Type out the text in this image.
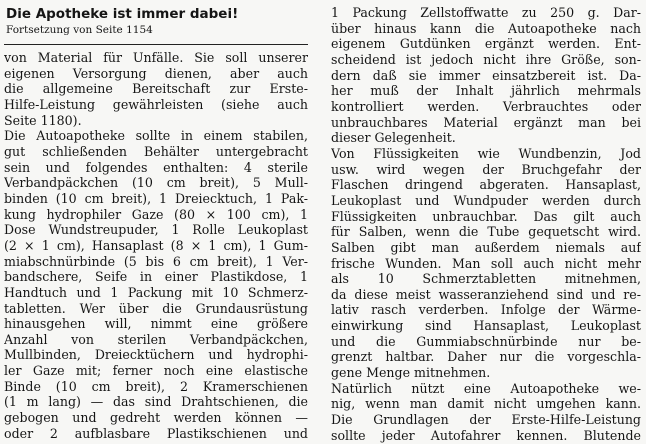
Die Apotheke ist immer dabei!
Fortsetzung von Seite 1154
von Material für Unfälle. Sie soll unserer
eigenen Versorgung dienen, aber auch
die allgemeine Bereitschaft zur Erste-
Hilfe-Leistung gewährleisten (siehe auch
Seite 1180).
Die Autoapotheke sollte in einem stabilen,
gut schließenden Behälter untergebracht
sein und folgendes enthalten: 4 sterile
Verbandpäckchen (10 cm breit), 5 Mull-
binden (10 cm breit), 1 Dreiecktuch, 1 Pak-
kung hydrophiler Gaze (80 × 100 cm), 1
Dose Wundstreupuder, 1 Rolle Leukoplast
(2 × 1 cm), Hansaplast (8 × 1 cm), 1 Gum-
miabschnürbinde (5 bis 6 cm breit), 1 Ver-
bandschere, Seife in einer Plastikdose, 1
Handtuch und 1 Packung mit 10 Schmerz-
tabletten. Wer über die Grundausrüstung
hinausgehen will, nimmt eine größere
Anzahl von sterilen Verbandpäckchen,
Mullbinden, Dreiecktüchern und hydrophi-
ler Gaze mit; ferner noch eine elastische
Binde (10 cm breit), 2 Kramerschienen
(1 m lang) — das sind Drahtschienen, die
gebogen und gedreht werden können —
oder 2 aufblasbare Plastikschienen und
1 Packung Zellstoffwatte zu 250 g. Dar-
über hinaus kann die Autoapotheke nach
eigenem Gutdünken ergänzt werden. Ent-
scheidend ist jedoch nicht ihre Größe, son-
dern daß sie immer einsatzbereit ist. Da-
her muß der Inhalt jährlich mehrmals
kontrolliert werden. Verbrauchtes oder
unbrauchbares Material ergänzt man bei
dieser Gelegenheit.
Von Flüssigkeiten wie Wundbenzin, Jod
usw. wird wegen der Bruchgefahr der
Flaschen dringend abgeraten. Hansaplast,
Leukoplast und Wundpuder werden durch
Flüssigkeiten unbrauchbar. Das gilt auch
für Salben, wenn die Tube gequetscht wird.
Salben gibt man außerdem niemals auf
frische Wunden. Man soll auch nicht mehr
als 10 Schmerztabletten mitnehmen,
da diese meist wasseranziehend sind und re-
lativ rasch verderben. Infolge der Wärme-
einwirkung sind Hansaplast, Leukoplast
und die Gummiabschnürbinde nur be-
grenzt haltbar. Daher nur die vorgeschla-
gene Menge mitnehmen.
Natürlich nützt eine Autoapotheke we-
nig, wenn man damit nicht umgehen kann.
Die Grundlagen der Erste-Hilfe-Leistung
sollte jeder Autofahrer kennen. Blutende
